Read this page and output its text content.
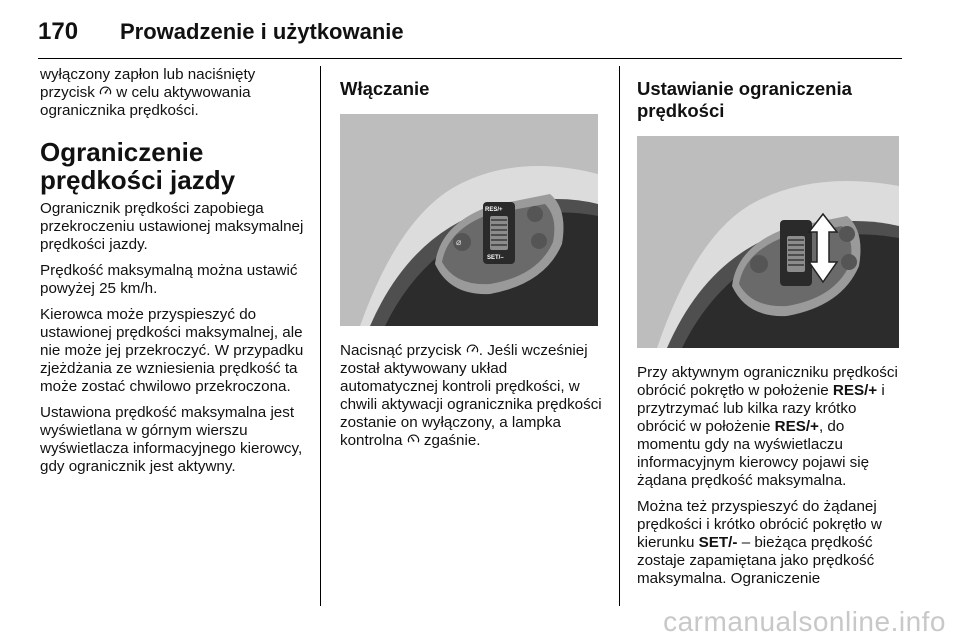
170	Prowadzenie i użytkowanie

wyłączony zapłon lub naciśnięty przycisk  w celu aktywowania ogranicznika prędkości.

Ograniczenie prędkości jazdy

Ogranicznik prędkości zapobiega przekroczeniu ustawionej maksymalnej prędkości jazdy.

Prędkość maksymalną można ustawić powyżej 25 km/h.

Kierowca może przyspieszyć do ustawionej prędkości maksymalnej, ale nie może jej przekroczyć. W przypadku zjeżdżania ze wzniesienia prędkość ta może zostać chwilowo przekroczona.

Ustawiona prędkość maksymalna jest wyświetlana w górnym wierszu wyświetlacza informacyjnego kierowcy, gdy ogranicznik jest aktywny.

Włączanie
RES/+
SET/–
⌀

Nacisnąć przycisk . Jeśli wcześniej został aktywowany układ automatycznej kontroli prędkości, w chwili aktywacji ogranicznika prędkości zostanie on wyłączony, a lampka kontrolna  zgaśnie.

Ustawianie ograniczenia prędkości

Przy aktywnym ograniczniku prędkości obrócić pokrętło w położenie RES/+ i przytrzymać lub kilka razy krótko obrócić w położenie RES/+, do momentu gdy na wyświetlaczu informacyjnym kierowcy pojawi się żądana prędkość maksymalna.

Można też przyspieszyć do żądanej prędkości i krótko obrócić pokrętło w kierunku SET/- – bieżąca prędkość zostaje zapamiętana jako prędkość maksymalna. Ograniczenie

carmanualsonline.info
